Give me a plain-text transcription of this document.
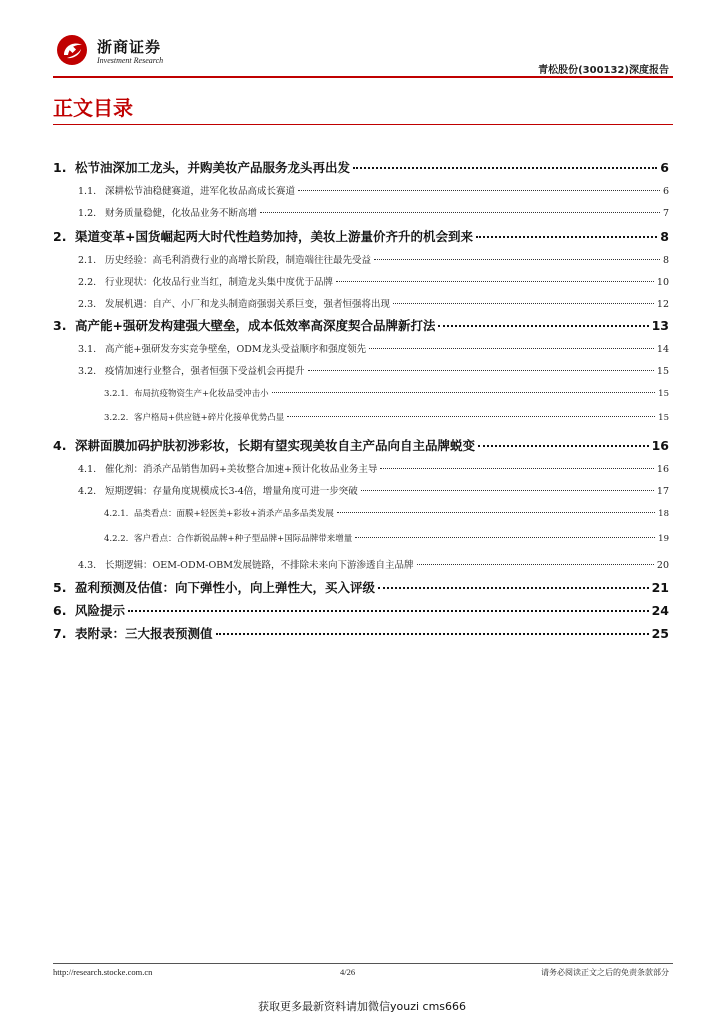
浙商证券
Investment Research
青松股份(300132)深度报告
正文目录
1. 松节油深加工龙头，并购美妆产品服务龙头再出发	6
1.1. 深耕松节油稳健赛道，进军化妆品高成长赛道	6
1.2. 财务质量稳健，化妆品业务不断高增	7
2. 渠道变革+国货崛起两大时代性趋势加持，美妆上游量价齐升的机会到来	8
2.1. 历史经验：高毛利消费行业的高增长阶段，制造端往往最先受益	8
2.2. 行业现状：化妆品行业当红，制造龙头集中度优于品牌	10
2.3. 发展机遇：自产、小厂和龙头制造商强弱关系巨变，强者恒强将出现	12
3. 高产能+强研发构建强大壁垒，成本低效率高深度契合品牌新打法	13
3.1. 高产能+强研发夯实竞争壁垒，ODM龙头受益顺序和强度领先	14
3.2. 疫情加速行业整合，强者恒强下受益机会再提升	15
3.2.1. 布局抗疫物资生产+化妆品受冲击小	15
3.2.2. 客户格局+供应链+碎片化接单优势凸显	15
4. 深耕面膜加码护肤初涉彩妆，长期有望实现美妆自主产品向自主品牌蜕变	16
4.1. 催化剂：消杀产品销售加码+美妆整合加速+预计化妆品业务主导	16
4.2. 短期逻辑：存量角度规模成长3-4倍，增量角度可进一步突破	17
4.2.1. 品类看点：面膜+轻医美+彩妆+消杀产品多品类发展	18
4.2.2. 客户看点：合作新锐品牌+种子型品牌+国际品牌带来增量	19
4.3. 长期逻辑：OEM-ODM-OBM发展链路，不排除未来向下游渗透自主品牌	20
5. 盈利预测及估值：向下弹性小，向上弹性大，买入评级	21
6. 风险提示	24
7. 表附录：三大报表预测值	25
http://research.stocke.com.cn	4/26	请务必阅读正文之后的免责条款部分
获取更多最新资料请加微信youzi cms666
